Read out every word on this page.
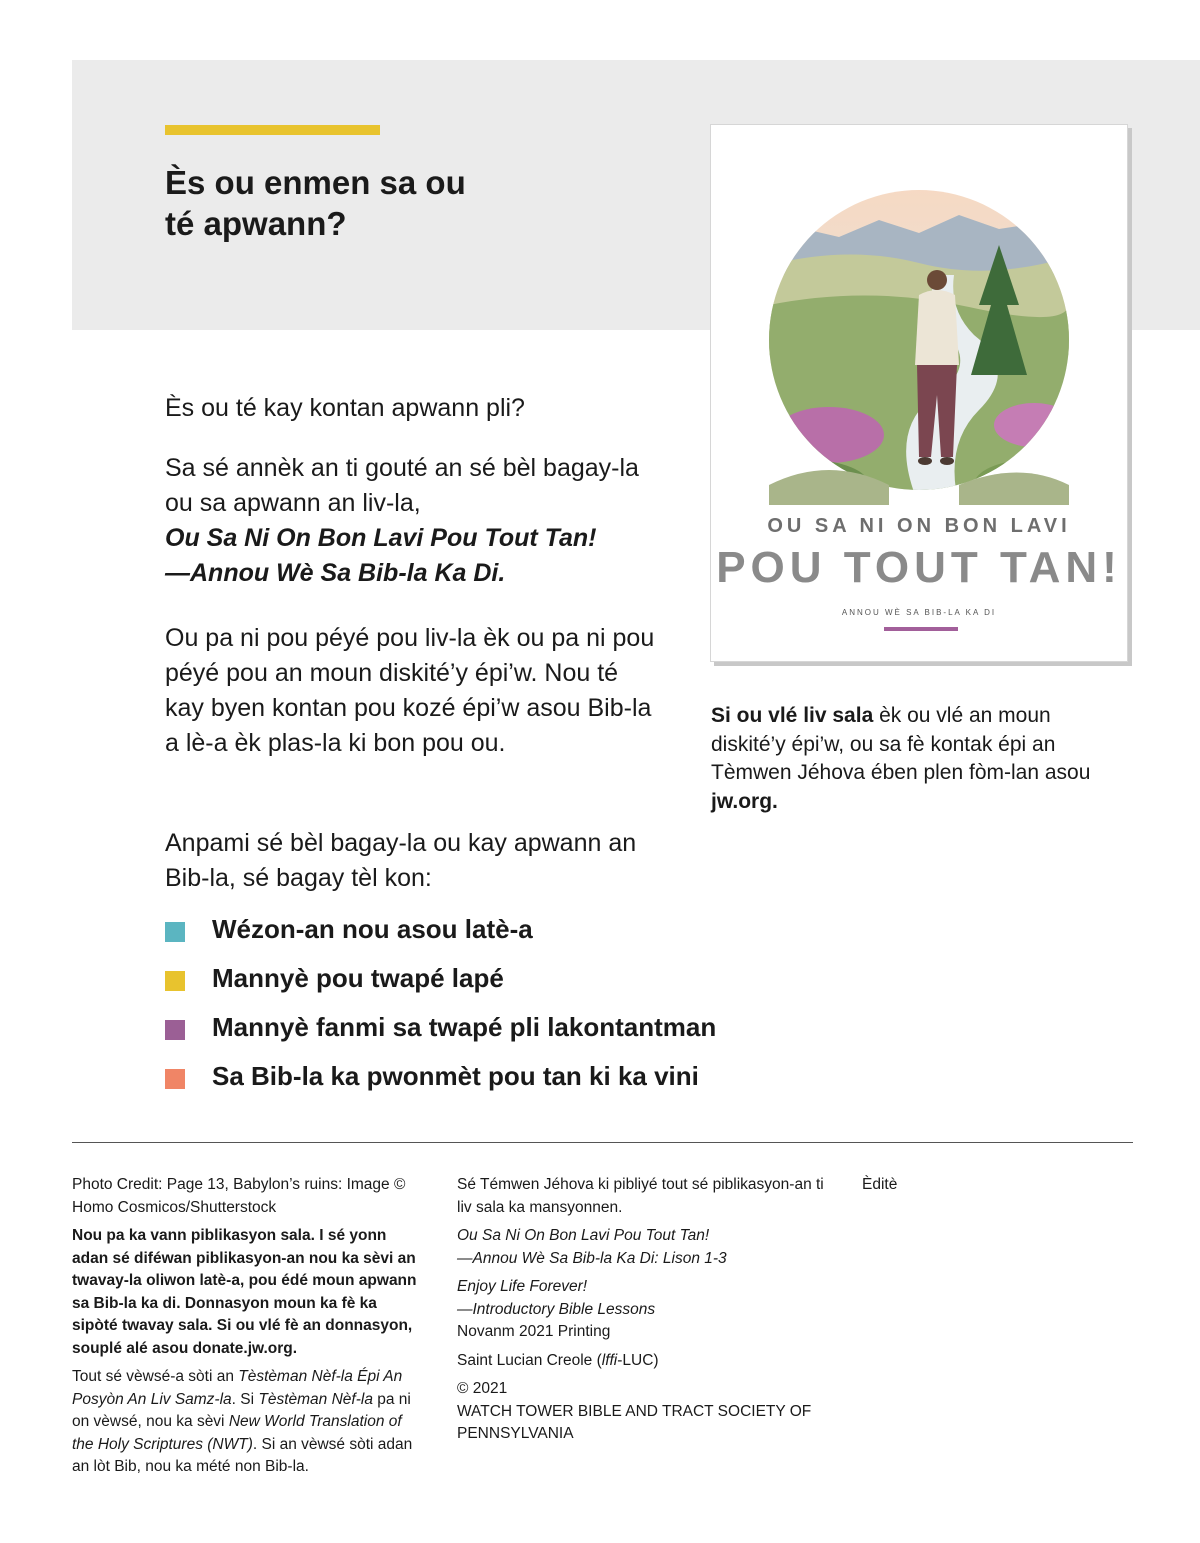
Ès ou enmen sa ou
té apwann?
OU SA NI ON BON LAVI
POU TOUT TAN!
ANNOU WÈ SA BIB-LA KA DI

Si ou vlé liv sala èk ou vlé an moun diskité’y épi’w, ou sa fè kontak épi an Tèmwen Jéhova ében plen fòm-lan asou jw.org.

Ès ou té kay kontan apwann pli?

Sa sé annèk an ti gouté an sé bèl bagay-la ou sa apwann an liv-la,
Ou Sa Ni On Bon Lavi Pou Tout Tan!
—Annou Wè Sa Bib-la Ka Di.

Ou pa ni pou péyé pou liv-la èk ou pa ni pou péyé pou an moun diskité’y épi’w. Nou té kay byen kontan pou kozé épi’w asou Bib-la a lè-a èk plas-la ki bon pou ou.

Anpami sé bèl bagay-la ou kay apwann an Bib-la, sé bagay tèl kon:

Wézon-an nou asou latè-a
Mannyè pou twapé lapé
Mannyè fanmi sa twapé pli lakontantman
Sa Bib-la ka pwonmèt pou tan ki ka vini

Photo Credit: Page 13, Babylon’s ruins: Image © Homo Cosmicos/Shutterstock

Nou pa ka vann piblikasyon sala. I sé yonn adan sé diféwan piblikasyon-an nou ka sèvi an twavay-la oliwon latè-a, pou édé moun apwann sa Bib-la ka di. Donnasyon moun ka fè ka sipòté twavay sala. Si ou vlé fè an donnasyon, souplé alé asou donate.jw.org.

Tout sé vèwsé-a sòti an Tèstèman Nèf-la Épi An Posyòn An Liv Samz-la. Si Tèstèman Nèf-la pa ni on vèwsé, nou ka sèvi New World Translation of the Holy Scriptures (NWT). Si an vèwsé sòti adan an lòt Bib, nou ka mété non Bib-la.

Sé Témwen Jéhova ki pibliyé tout sé piblikasyon-an ti liv sala ka mansyonnen.

Ou Sa Ni On Bon Lavi Pou Tout Tan!
—Annou Wè Sa Bib-la Ka Di: Lison 1-3

Enjoy Life Forever!
—Introductory Bible Lessons
Novanm 2021 Printing

Saint Lucian Creole (lffi-LUC)

© 2021
WATCH TOWER BIBLE AND TRACT SOCIETY OF PENNSYLVANIA

Èditè
